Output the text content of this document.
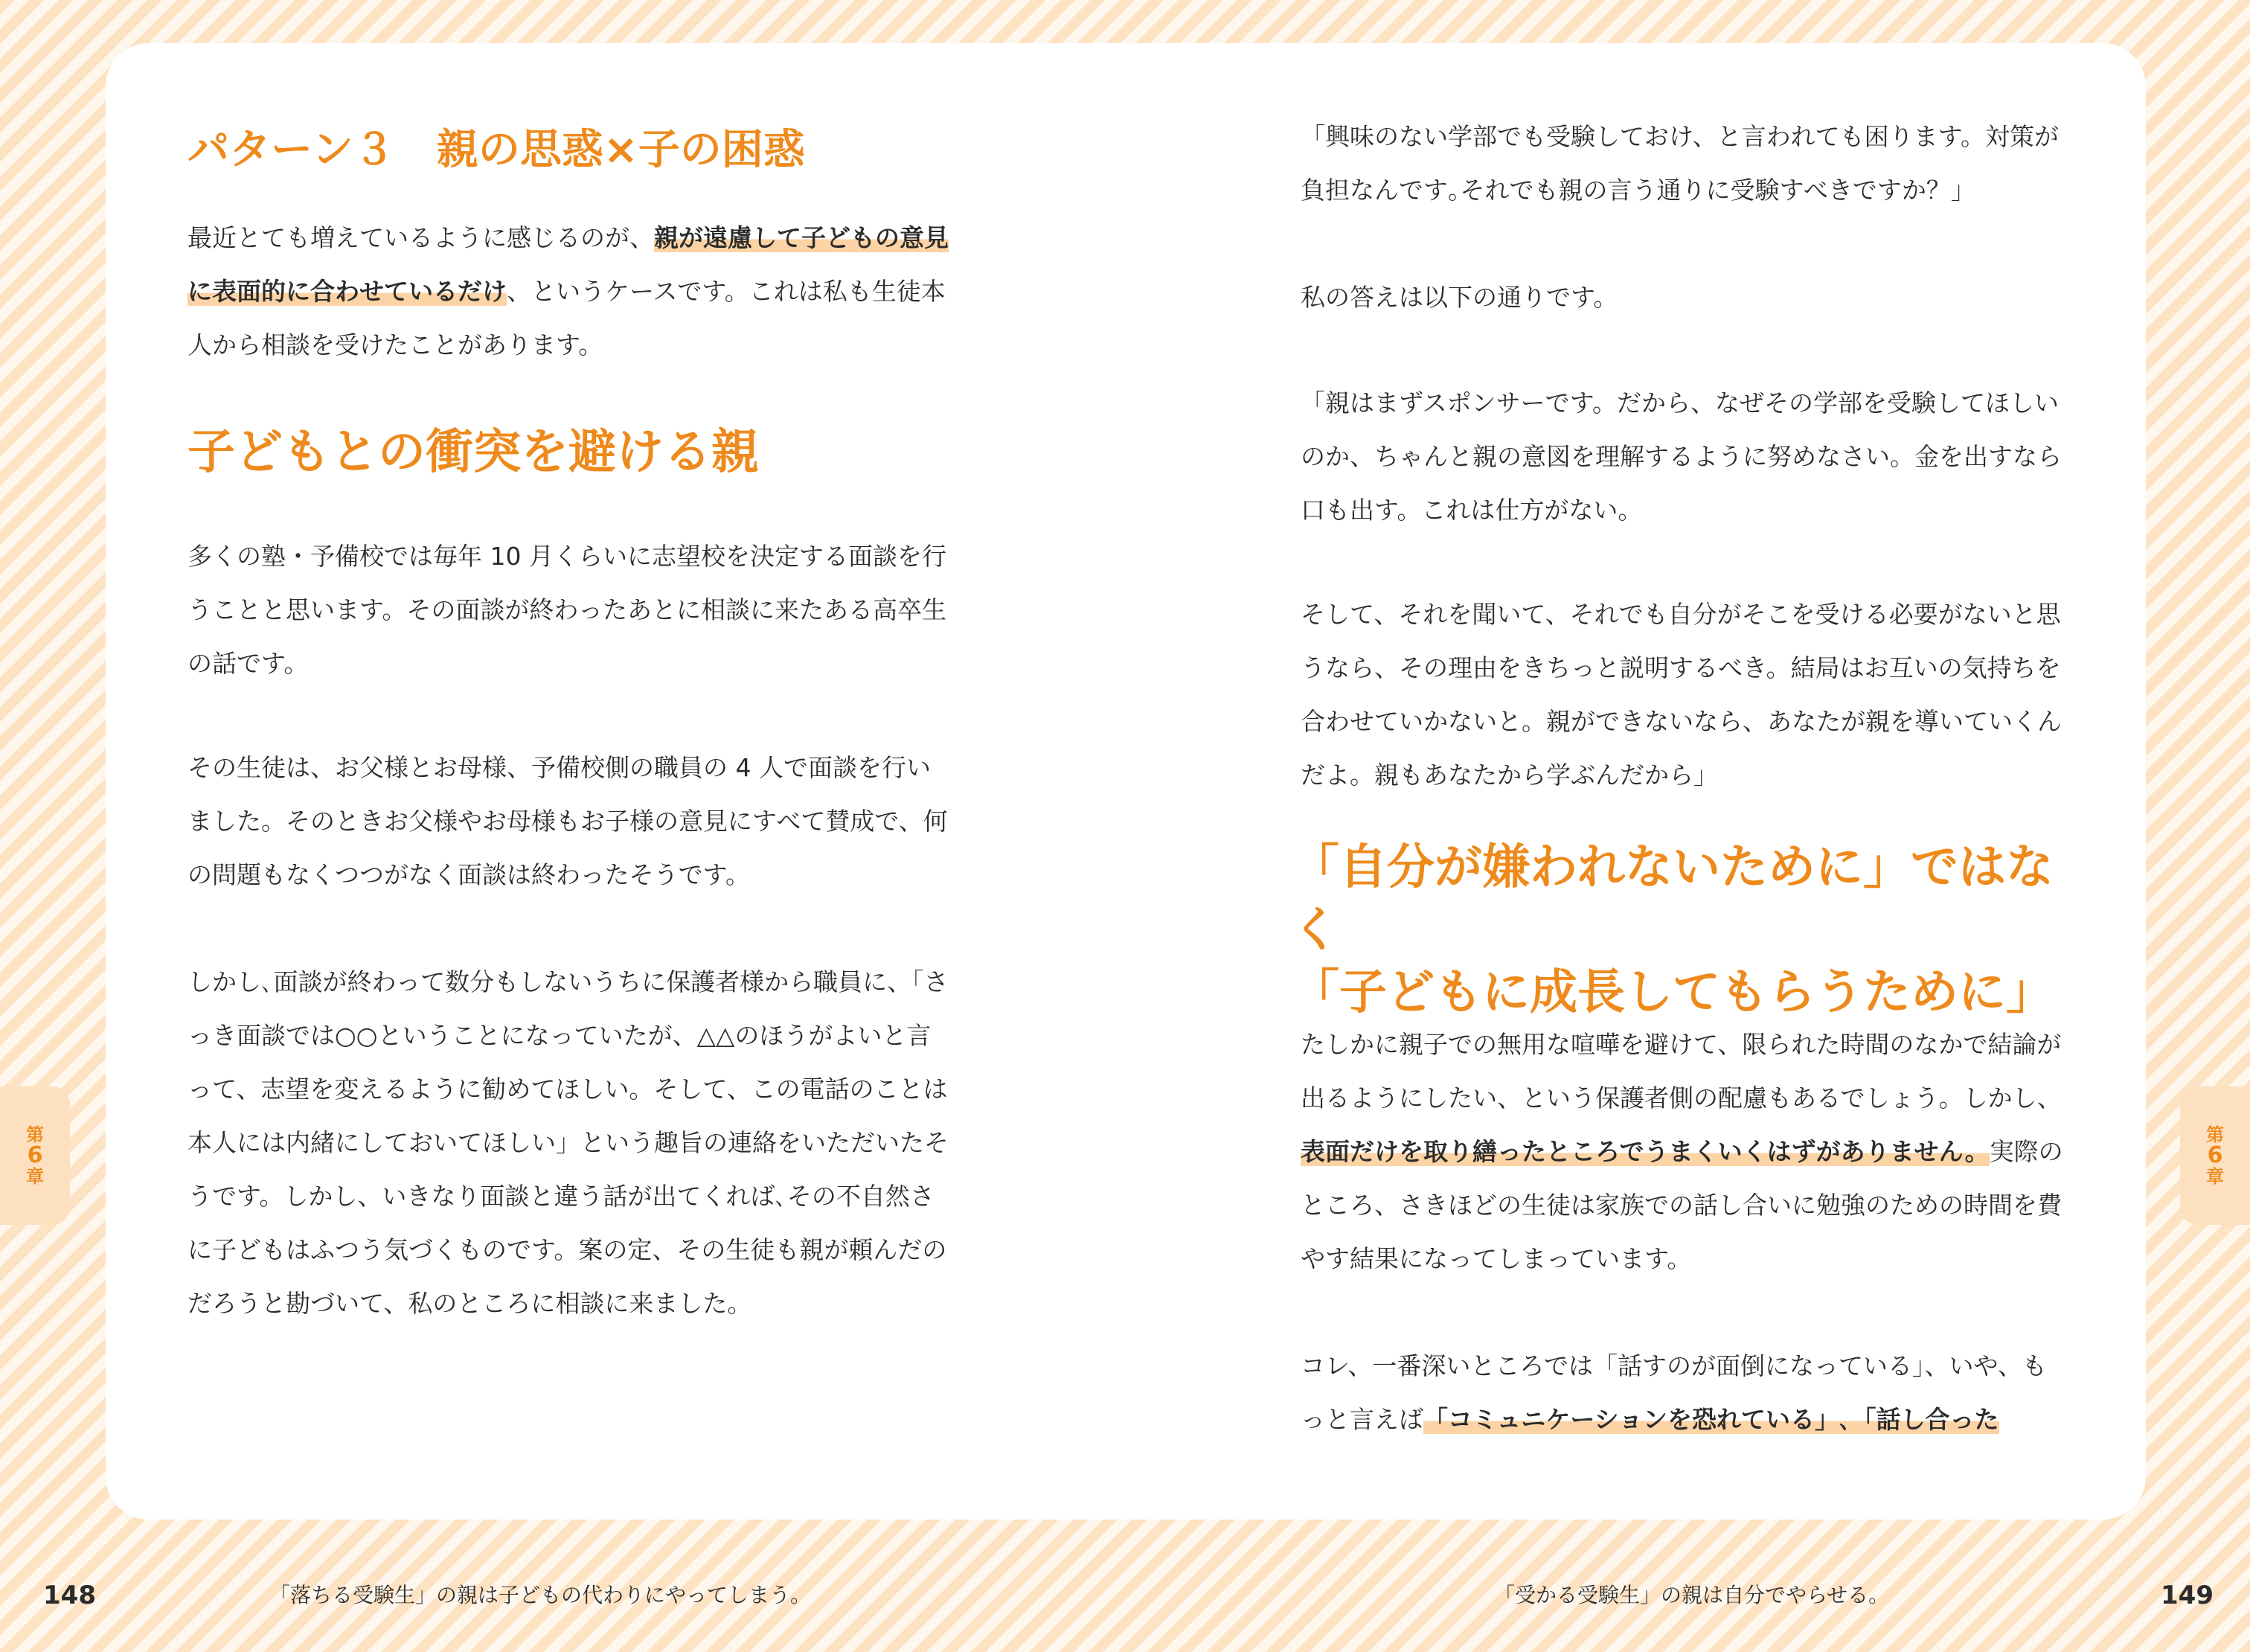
パターン３　親の思惑×子の困惑

最近とても増えているように感じるのが、親が遠慮して子どもの意見に表面的に合わせているだけ、というケースです。これは私も生徒本人から相談を受けたことがあります。

子どもとの衝突を避ける親

多くの塾・予備校では毎年 10 月くらいに志望校を決定する面談を行うことと思います。その面談が終わったあとに相談に来たある高卒生の話です。

その生徒は、お父様とお母様、予備校側の職員の 4 人で面談を行いました。そのときお父様やお母様もお子様の意見にすべて賛成で、何の問題もなくつつがなく面談は終わったそうです。

しかし､面談が終わって数分もしないうちに保護者様から職員に、「さっき面談では○○ということになっていたが、△△のほうがよいと言って、志望を変えるように勧めてほしい。そして、この電話のことは本人には内緒にしておいてほしい」という趣旨の連絡をいただいたそうです。しかし、いきなり面談と違う話が出てくれば､その不自然さに子どもはふつう気づくものです。案の定、その生徒も親が頼んだのだろうと勘づいて、私のところに相談に来ました。

「興味のない学部でも受験しておけ、と言われても困ります。対策が負担なんです｡それでも親の言う通りに受験すべきですか？」

私の答えは以下の通りです。

「親はまずスポンサーです。だから、なぜその学部を受験してほしいのか、ちゃんと親の意図を理解するように努めなさい。金を出すなら口も出す。これは仕方がない。

そして、それを聞いて、それでも自分がそこを受ける必要がないと思うなら、その理由をきちっと説明するべき。結局はお互いの気持ちを合わせていかないと。親ができないなら、あなたが親を導いていくんだよ。親もあなたから学ぶんだから」

「自分が嫌われないために」ではなく
「子どもに成長してもらうために」

たしかに親子での無用な喧嘩を避けて、限られた時間のなかで結論が出るようにしたい、という保護者側の配慮もあるでしょう。しかし、表面だけを取り繕ったところでうまくいくはずがありません。実際のところ、さきほどの生徒は家族での話し合いに勉強のための時間を費やす結果になってしまっています。

コレ、一番深いところでは「話すのが面倒になっている」、いや、もっと言えば「コミュニケーションを恐れている」､「話し合った

第
6
章
第
6
章
148	「落ちる受験生」の親は子どもの代わりにやってしまう。	「受かる受験生」の親は自分でやらせる。	149
